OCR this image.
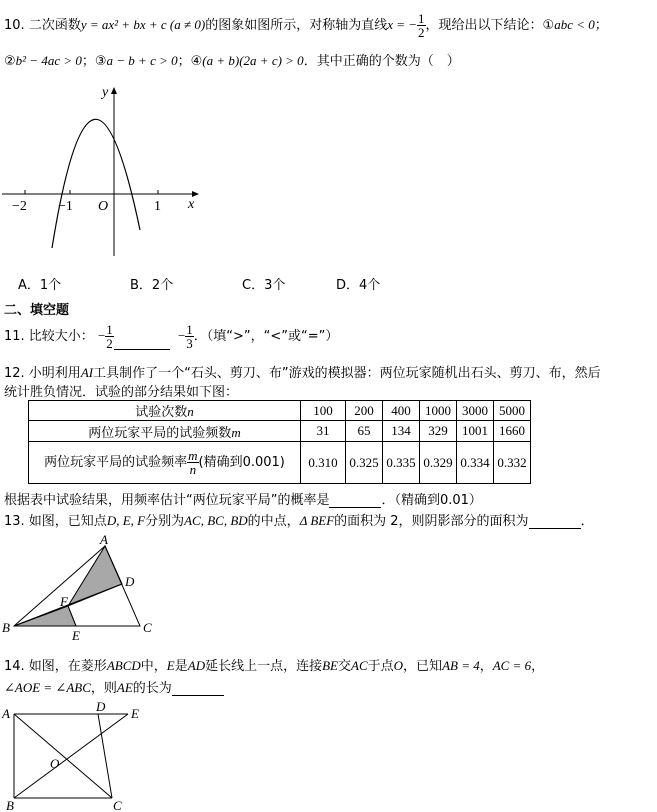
10. 二次函数y = ax² + bx + c (a ≠ 0)的图象如图所示，对称轴为直线x = − $\frac{1}{2}$ ，现给出以下结论：①abc < 0；
②b² − 4ac > 0；③a − b + c > 0；④(a + b)(2a + c) > 0．其中正确的个数为（　）
y
x
O
−2 −1	1
A．1个	B．2个	C．3个	D．4个
二、填空题
11. 比较大小： − $\frac{1}{2}$	− $\frac{1}{3}$ ．（填“>”，“<”或“=”）
12. 小明利用AI工具制作了一个“石头、剪刀、布”游戏的模拟器：两位玩家随机出石头、剪刀、布，然后
统计胜负情况．试验的部分结果如下图：
试验次数n	100	200	400	1000	3000	5000
两位玩家平局的试验频数m	31	65	134	329	1001	1660
两位玩家平局的试验频率 $\frac{m}{n}$ (精确到0.001)	0.310	0.325	0.335	0.329	0.334	0.332
根据表中试验结果，用频率估计“两位玩家平局”的概率是	．（精确到0.01）
13. 如图，已知点D, E, F分别为AC, BC, BD的中点，Δ BEF的面积为 2，则阴影部分的面积为	．
A
B	C
D
E
F
14. 如图，在菱形ABCD中，E是AD延长线上一点，连接BE交AC于点O，已知AB = 4，AC = 6，
∠AOE = ∠ABC，则AE的长为
A	D E
O
B	C
